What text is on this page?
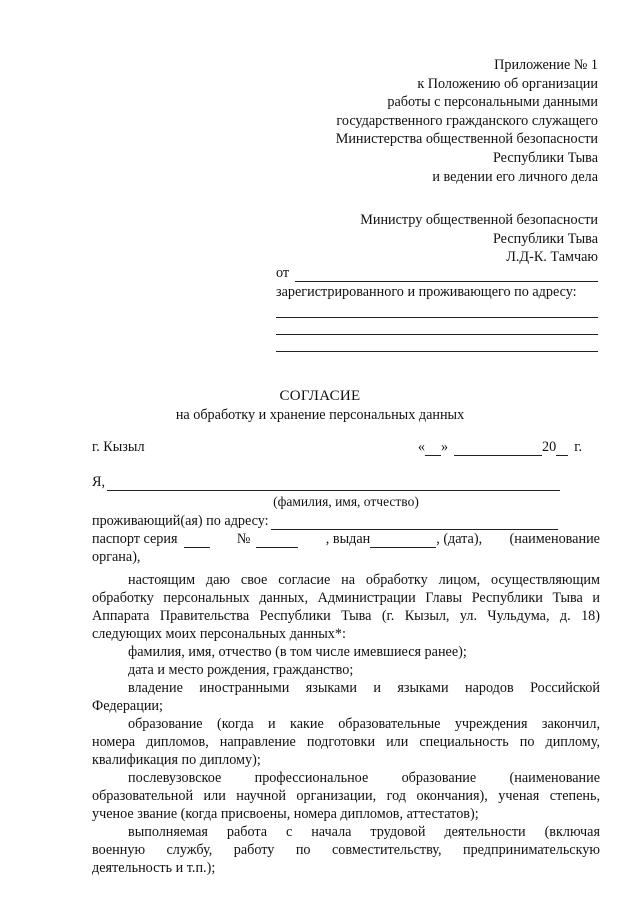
Приложение № 1
к Положению об организации
работы с персональными данными
государственного гражданского служащего
Министерства общественной безопасности
Республики Тыва
и ведении его личного дела
Министру общественной безопасности
Республики Тыва
Л.Д-К. Тамчаю
от
зарегистрированного и проживающего по адресу:
СОГЛАСИЕ
на обработку и хранение персональных данных
г. Кызыл	« »	20 г.
Я,
(фамилия, имя, отчество)
проживающий(ая) по адресу:
паспорт серия	№	, выдан	, (дата), (наименование

органа),

настоящим даю свое согласие на обработку лицом, осуществляющим

обработку персональных данных, Администрации Главы Республики Тыва и

Аппарата Правительства Республики Тыва (г. Кызыл, ул. Чульдума, д. 18)

следующих моих персональных данных*:

фамилия, имя, отчество (в том числе имевшиеся ранее);

дата и место рождения, гражданство;

владение иностранными языками и языками народов Российской

Федерации;

образование (когда и какие образовательные учреждения закончил,

номера дипломов, направление подготовки или специальность по диплому,

квалификация по диплому);

послевузовское профессиональное образование (наименование

образовательной или научной организации, год окончания), ученая степень,

ученое звание (когда присвоены, номера дипломов, аттестатов);

выполняемая работа с начала трудовой деятельности (включая

военную службу, работу по совместительству, предпринимательскую

деятельность и т.п.);
